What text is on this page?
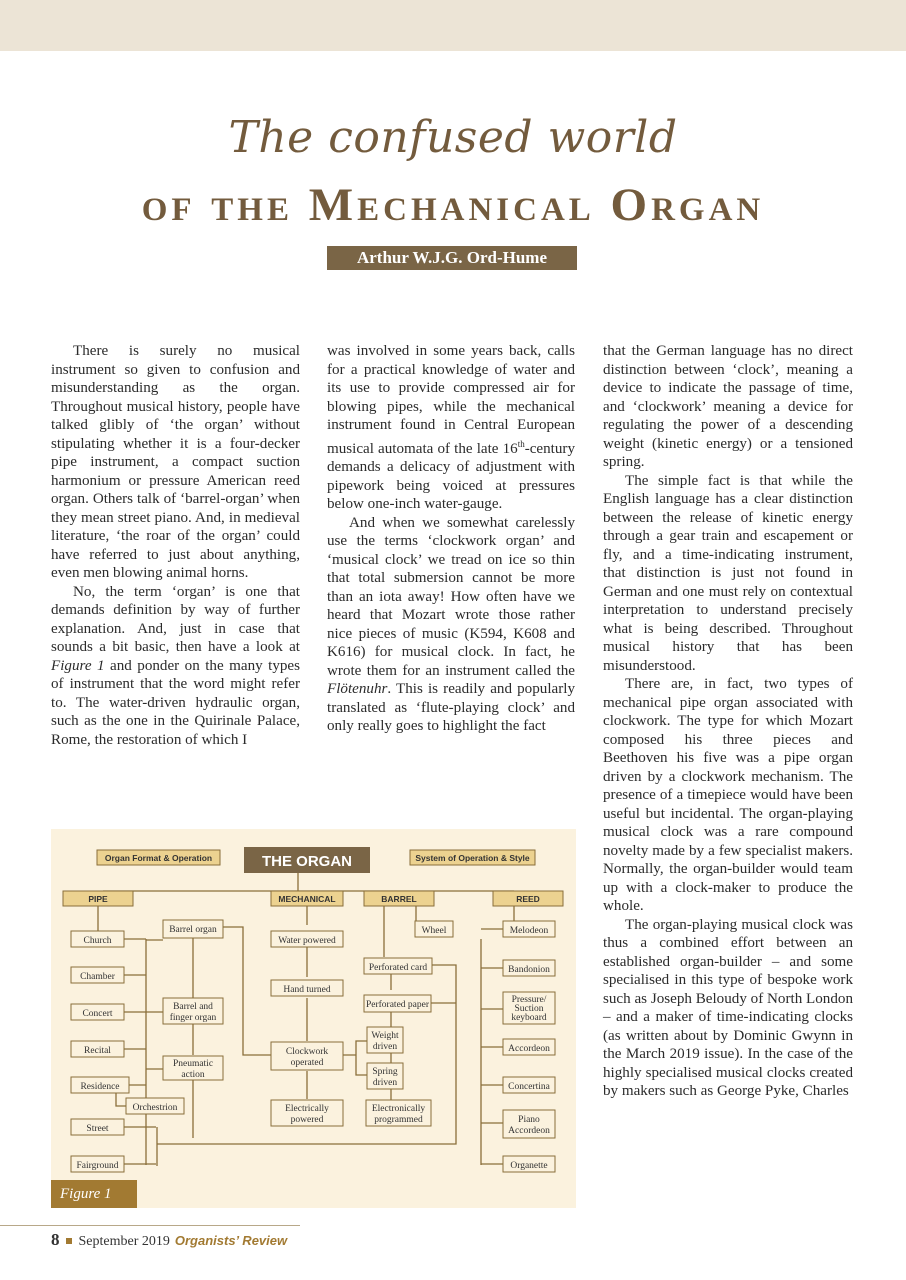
The confused world
of the Mechanical Organ
Arthur W.J.G. Ord-Hume

There is surely no musical instrument so given to confusion and misunderstanding as the organ. Throughout musical history, people have talked glibly of ‘the organ’ without stipulating whether it is a four-decker pipe instrument, a compact suction harmonium or pressure American reed organ. Others talk of ‘barrel-organ’ when they mean street piano. And, in medieval literature, ‘the roar of the organ’ could have referred to just about anything, even men blowing animal horns.

No, the term ‘organ’ is one that demands definition by way of further explanation. And, just in case that sounds a bit basic, then have a look at Figure 1 and ponder on the many types of instrument that the word might refer to. The water-driven hydraulic organ, such as the one in the Quirinale Palace, Rome, the restoration of which I

was involved in some years back, calls for a practical knowledge of water and its use to provide compressed air for blowing pipes, while the mechanical instrument found in Central European musical automata of the late 16th-century demands a delicacy of adjustment with pipework being voiced at pressures below one-inch water-gauge.

And when we somewhat carelessly use the terms ‘clockwork organ’ and ‘musical clock’ we tread on ice so thin that total submersion cannot be more than an iota away! How often have we heard that Mozart wrote those rather nice pieces of music (K594, K608 and K616) for musical clock. In fact, he wrote them for an instrument called the Flötenuhr. This is readily and popularly translated as ‘flute-playing clock’ and only really goes to highlight the fact

that the German language has no direct distinction between ‘clock’, meaning a device to indicate the passage of time, and ‘clockwork’ meaning a device for regulating the power of a descending weight (kinetic energy) or a tensioned spring.

The simple fact is that while the English language has a clear distinction between the release of kinetic energy through a gear train and escapement or fly, and a time-indicating instrument, that distinction is just not found in German and one must rely on contextual interpretation to understand precisely what is being described. Throughout musical history that has been misunderstood.

There are, in fact, two types of mechanical pipe organ associated with clockwork. The type for which Mozart composed his three pieces and Beethoven his five was a pipe organ driven by a clockwork mechanism. The presence of a timepiece would have been useful but incidental. The organ-playing musical clock was a rare compound novelty made by a few specialist makers. Normally, the organ-builder would team up with a clock-maker to produce the whole.

The organ-playing musical clock was thus a combined effort between an established organ-builder – and some specialised in this type of bespoke work such as Joseph Beloudy of North London – and a maker of time-indicating clocks (as written about by Dominic Gwynn in the March 2019 issue). In the case of the highly specialised musical clocks created by makers such as George Pyke, Charles

Organ Format & Operation	System of Operation & Style
THE ORGAN
PIPE	MECHANICAL	BARREL	REED
Church
Chamber
Concert
Recital
Residence
Orchestrion
Street
Fairground
Barrel organ
Barrel and
finger organ
Pneumatic
action
Water powered
Hand turned
Clockwork
operated
Electrically
powered
Wheel
Perforated card
Perforated paper
Weight
driven
Spring
driven
Electronically
programmed
Melodeon
Bandonion
Pressure/
Suction
keyboard
Accordeon
Concertina
Piano
Accordeon
Organette
Figure 1
8 September 2019 Organists’ Review
